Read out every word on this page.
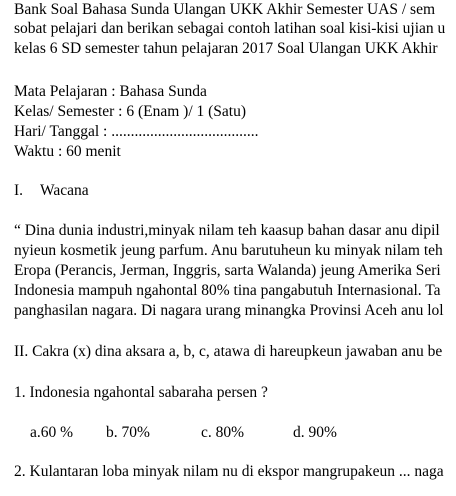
Bank Soal Bahasa Sunda Ulangan UKK Akhir Semester UAS / sem
sobat pelajari dan berikan sebagai contoh latihan soal kisi-kisi ujian u
kelas 6 SD semester tahun pelajaran 2017 Soal Ulangan UKK Akhir
Mata Pelajaran : Bahasa Sunda
Kelas/ Semester : 6 (Enam )/ 1 (Satu)
Hari/ Tanggal : ......................................
Waktu : 60 menit
I. Wacana
“ Dina dunia industri,minyak nilam teh kaasup bahan dasar anu dipil
nyieun kosmetik jeung parfum. Anu barutuheun ku minyak nilam teh
Eropa (Perancis, Jerman, Inggris, sarta Walanda) jeung Amerika Seri
Indonesia mampuh ngahontal 80% tina pangabutuh Internasional. Ta
panghasilan nagara. Di nagara urang minangka Provinsi Aceh anu lol
II. Cakra (x) dina aksara a, b, c, atawa di hareupkeun jawaban anu be
1. Indonesia ngahontal sabaraha persen ?
a.60 % b. 70%	c. 80%	d. 90%
2. Kulantaran loba minyak nilam nu di ekspor mangrupakeun ... naga
